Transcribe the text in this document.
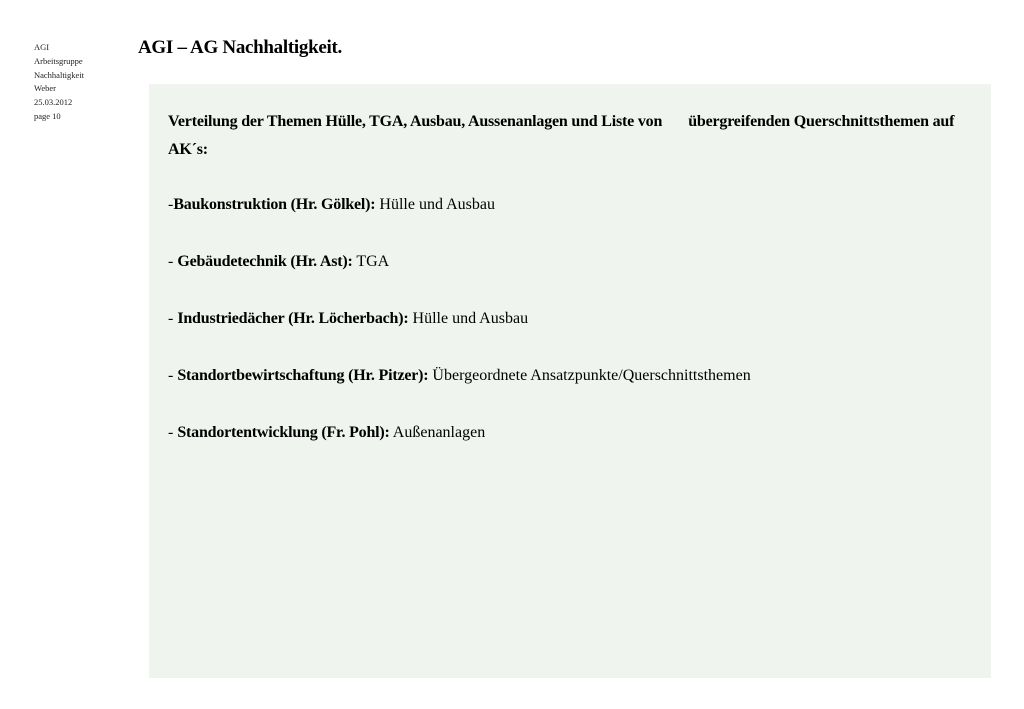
AGI
Arbeitsgruppe
Nachhaltigkeit
Weber
25.03.2012
page 10
AGI – AG Nachhaltigkeit.

Verteilung der Themen Hülle, TGA, Ausbau, Aussenanlagen und Liste von übergreifenden Querschnittsthemen auf AK´s:

-Baukonstruktion (Hr. Gölkel): Hülle und Ausbau

- Gebäudetechnik (Hr. Ast): TGA

- Industriedächer (Hr. Löcherbach): Hülle und Ausbau

- Standortbewirtschaftung (Hr. Pitzer): Übergeordnete Ansatzpunkte/Querschnittsthemen

- Standortentwicklung (Fr. Pohl): Außenanlagen
